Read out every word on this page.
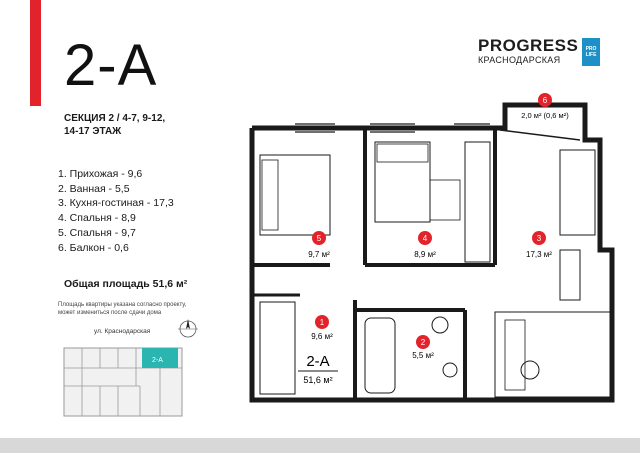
2-A
СЕКЦИЯ 2 / 4-7, 9-12,
14-17 ЭТАЖ
1. Прихожая - 9,6
2. Ванная - 5,5
3. Кухня-гостиная - 17,3
4. Спальня - 8,9
5. Спальня - 9,7
6. Балкон - 0,6
Общая площадь 51,6 м²
Площадь квартиры указана согласно проекту, может измениться после сдачи дома
PROGRESS
КРАСНОДАРСКАЯ
PRO LIFE
ул. Краснодарская
2-A
5
9,7 м²
4
8,9 м²
3
17,3 м²
6
2,0 м² (0,6 м²)
1
9,6 м²
2
5,5 м²
2-A
51,6 м²
